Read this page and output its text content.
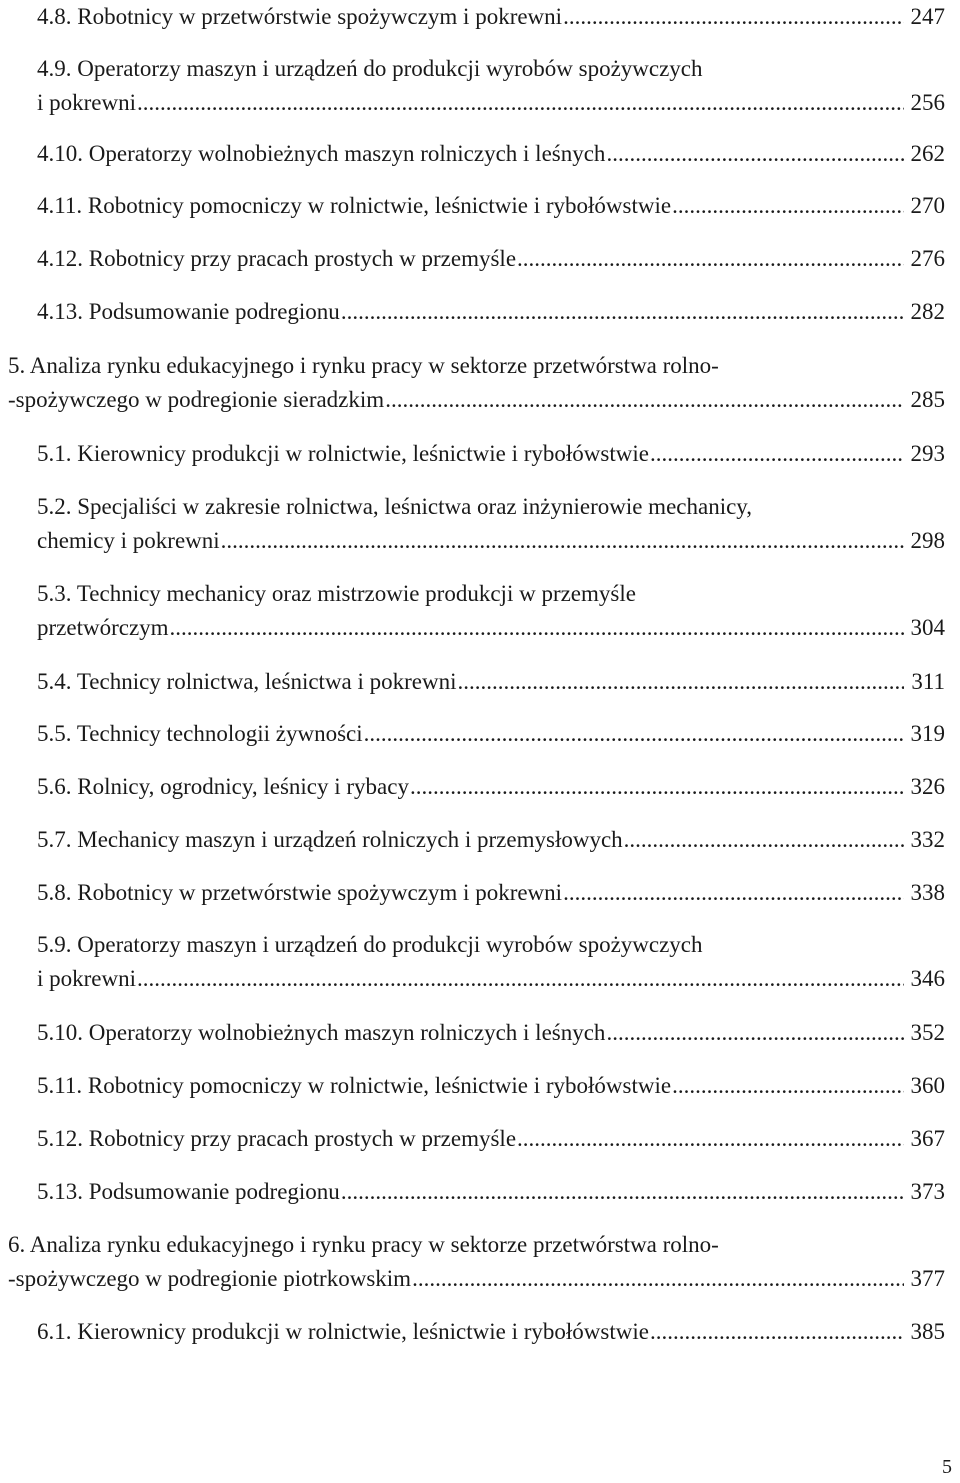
4.8. Robotnicy w przetwórstwie spożywczym i pokrewni .....	247
4.9. Operatorzy maszyn i urządzeń do produkcji wyrobów spożywczych
i pokrewni .....	256
4.10. Operatorzy wolnobieżnych maszyn rolniczych i leśnych .....	262
4.11. Robotnicy pomocniczy w rolnictwie, leśnictwie i rybołówstwie .....	270
4.12. Robotnicy przy pracach prostych w przemyśle .....	276
4.13. Podsumowanie podregionu .....	282
5. Analiza rynku edukacyjnego i rynku pracy w sektorze przetwórstwa rolno-
-spożywczego w podregionie sieradzkim .....	285
5.1. Kierownicy produkcji w rolnictwie, leśnictwie i rybołówstwie .....	293
5.2. Specjaliści w zakresie rolnictwa, leśnictwa oraz inżynierowie mechanicy,
chemicy i pokrewni .....	298
5.3. Technicy mechanicy oraz mistrzowie produkcji w przemyśle
przetwórczym .....	304
5.4. Technicy rolnictwa, leśnictwa i pokrewni .....	311
5.5. Technicy technologii żywności .....	319
5.6. Rolnicy, ogrodnicy, leśnicy i rybacy .....	326
5.7. Mechanicy maszyn i urządzeń rolniczych i przemysłowych .....	332
5.8. Robotnicy w przetwórstwie spożywczym i pokrewni .....	338
5.9. Operatorzy maszyn i urządzeń do produkcji wyrobów spożywczych
i pokrewni .....	346
5.10. Operatorzy wolnobieżnych maszyn rolniczych i leśnych .....	352
5.11. Robotnicy pomocniczy w rolnictwie, leśnictwie i rybołówstwie .....	360
5.12. Robotnicy przy pracach prostych w przemyśle .....	367
5.13. Podsumowanie podregionu .....	373
6. Analiza rynku edukacyjnego i rynku pracy w sektorze przetwórstwa rolno-
-spożywczego w podregionie piotrkowskim .....	377
6.1. Kierownicy produkcji w rolnictwie, leśnictwie i rybołówstwie .....	385
5
